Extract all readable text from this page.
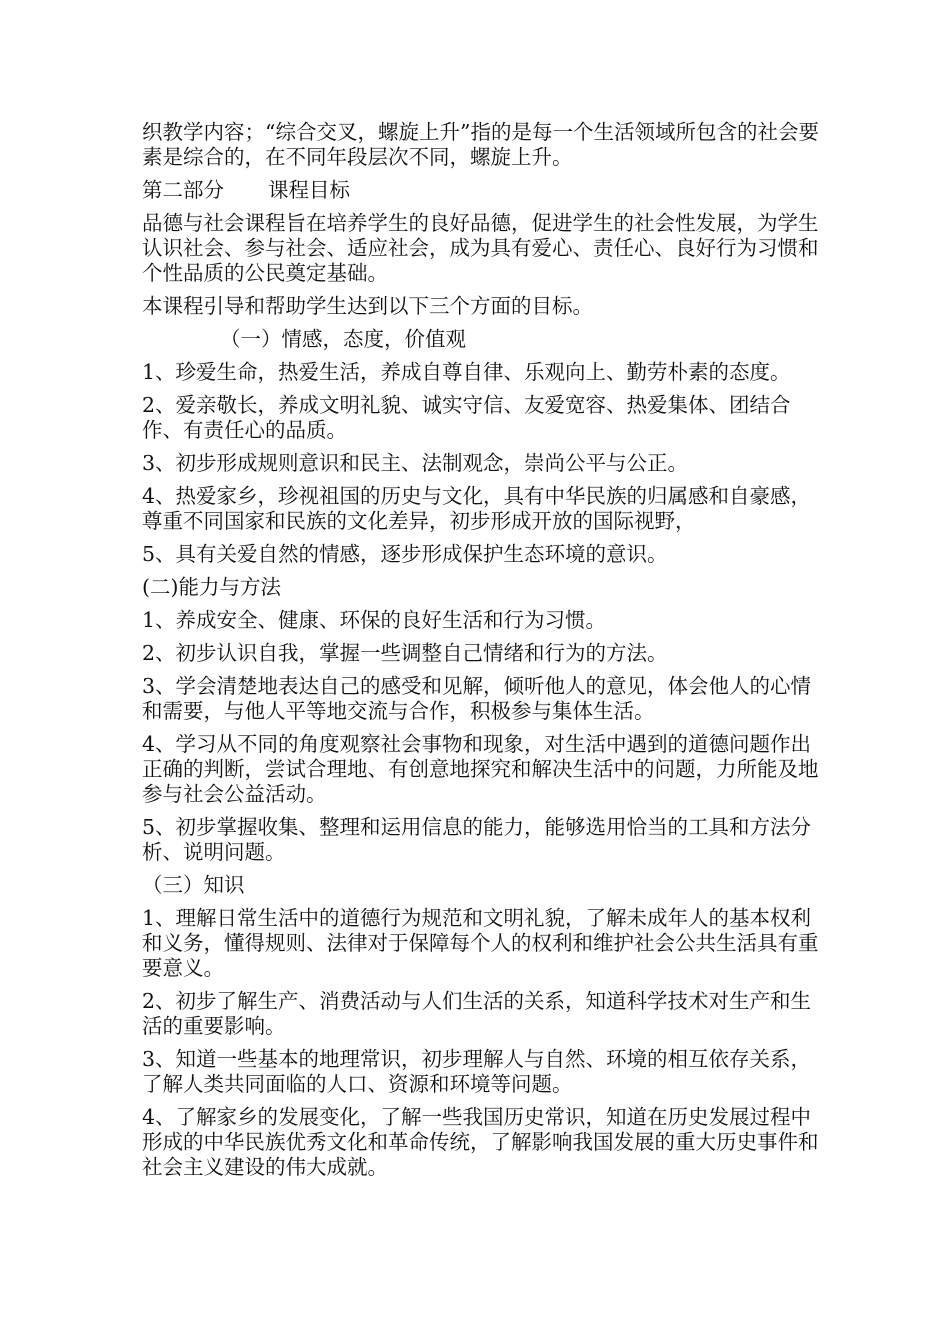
织教学内容；“综合交叉，螺旋上升”指的是每一个生活领域所包含的社会要素是综合的，在不同年段层次不同，螺旋上升。

第二部分 课程目标

品德与社会课程旨在培养学生的良好品德，促进学生的社会性发展，为学生认识社会、参与社会、适应社会，成为具有爱心、责任心、良好行为习惯和个性品质的公民奠定基础。

本课程引导和帮助学生达到以下三个方面的目标。

（一）情感，态度，价值观

1、珍爱生命，热爱生活，养成自尊自律、乐观向上、勤劳朴素的态度。

2、爱亲敬长，养成文明礼貌、诚实守信、友爱宽容、热爱集体、团结合作、有责任心的品质。

3、初步形成规则意识和民主、法制观念，崇尚公平与公正。

4、热爱家乡，珍视祖国的历史与文化，具有中华民族的归属感和自豪感，尊重不同国家和民族的文化差异，初步形成开放的国际视野，

5、具有关爱自然的情感，逐步形成保护生态环境的意识。

(二)能力与方法

1、养成安全、健康、环保的良好生活和行为习惯。

2、初步认识自我，掌握一些调整自己情绪和行为的方法。

3、学会清楚地表达自己的感受和见解，倾听他人的意见，体会他人的心情和需要，与他人平等地交流与合作，积极参与集体生活。

4、学习从不同的角度观察社会事物和现象，对生活中遇到的道德问题作出正确的判断，尝试合理地、有创意地探究和解决生活中的问题，力所能及地参与社会公益活动。

5、初步掌握收集、整理和运用信息的能力，能够选用恰当的工具和方法分析、说明问题。

（三）知识

1、理解日常生活中的道德行为规范和文明礼貌，了解未成年人的基本权利和义务，懂得规则、法律对于保障每个人的权利和维护社会公共生活具有重要意义。

2、初步了解生产、消费活动与人们生活的关系，知道科学技术对生产和生活的重要影响。

3、知道一些基本的地理常识，初步理解人与自然、环境的相互依存关系，了解人类共同面临的人口、资源和环境等问题。

4、了解家乡的发展变化，了解一些我国历史常识，知道在历史发展过程中形成的中华民族优秀文化和革命传统，了解影响我国发展的重大历史事件和社会主义建设的伟大成就。
